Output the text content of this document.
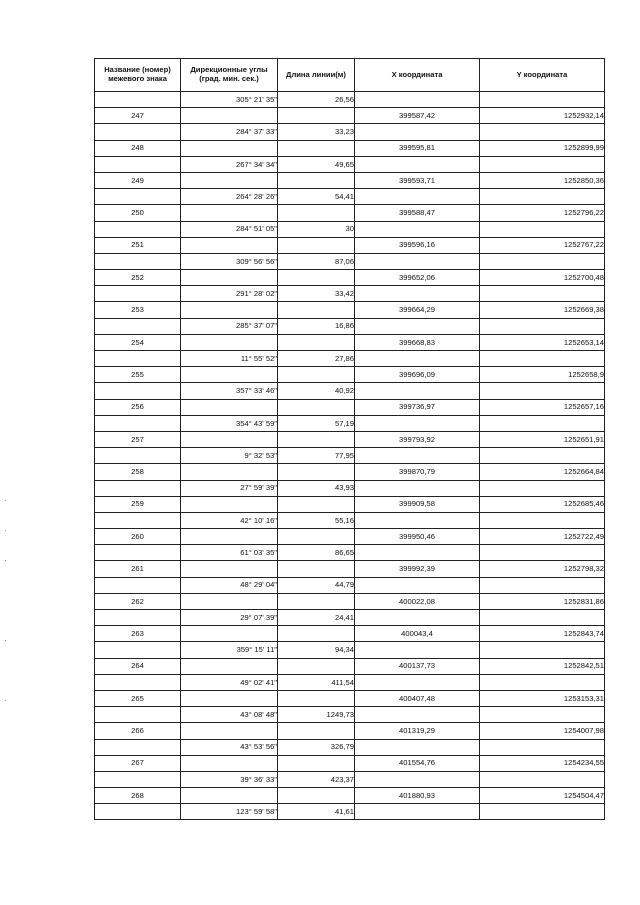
Название (номер) межевого знака	Дирекционные углы (град. мин. сек.)	Длина линии(м)	X координата	Y координата
	305° 21' 35"	26,56		
247			399587,42	1252932,14
	284° 37' 33"	33,23		
248			399595,81	1252899,99
	267° 34' 34"	49,65		
249			399593,71	1252850,36
	264° 28' 26"	54,41		
250			399588,47	1252796,22
	284° 51' 05"	30		
251			399596,16	1252767,22
	309° 56' 56"	87,06		
252			399652,06	1252700,48
	291° 28' 02"	33,42		
253			399664,29	1252669,38
	285° 37' 07"	16,86		
254			399668,83	1252653,14
	11° 55' 52"	27,86		
255			399696,09	1252658,9
	357° 33' 46"	40,92		
256			399736,97	1252657,16
	354° 43' 59"	57,19		
257			399793,92	1252651,91
	9° 32' 53"	77,95		
258			399870,79	1252664,84
	27° 59' 39"	43,93		
259			399909,58	1252685,46
	42° 10' 16"	55,16		
260			399950,46	1252722,49
	61° 03' 35"	86,65		
261			399992,39	1252798,32
	48° 29' 04"	44,79		
262			400022,08	1252831,86
	29° 07' 39"	24,41		
263			400043,4	1252843,74
	359° 15' 11"	94,34		
264			400137,73	1252842,51
	49° 02' 41"	411,54		
265			400407,48	1253153,31
	43° 08' 48"	1249,73		
266			401319,29	1254007,98
	43° 53' 56"	326,79		
267			401554,76	1254234,55
	39° 36' 33"	423,37		
268			401880,93	1254504,47
	123° 59' 58"	41,61		
